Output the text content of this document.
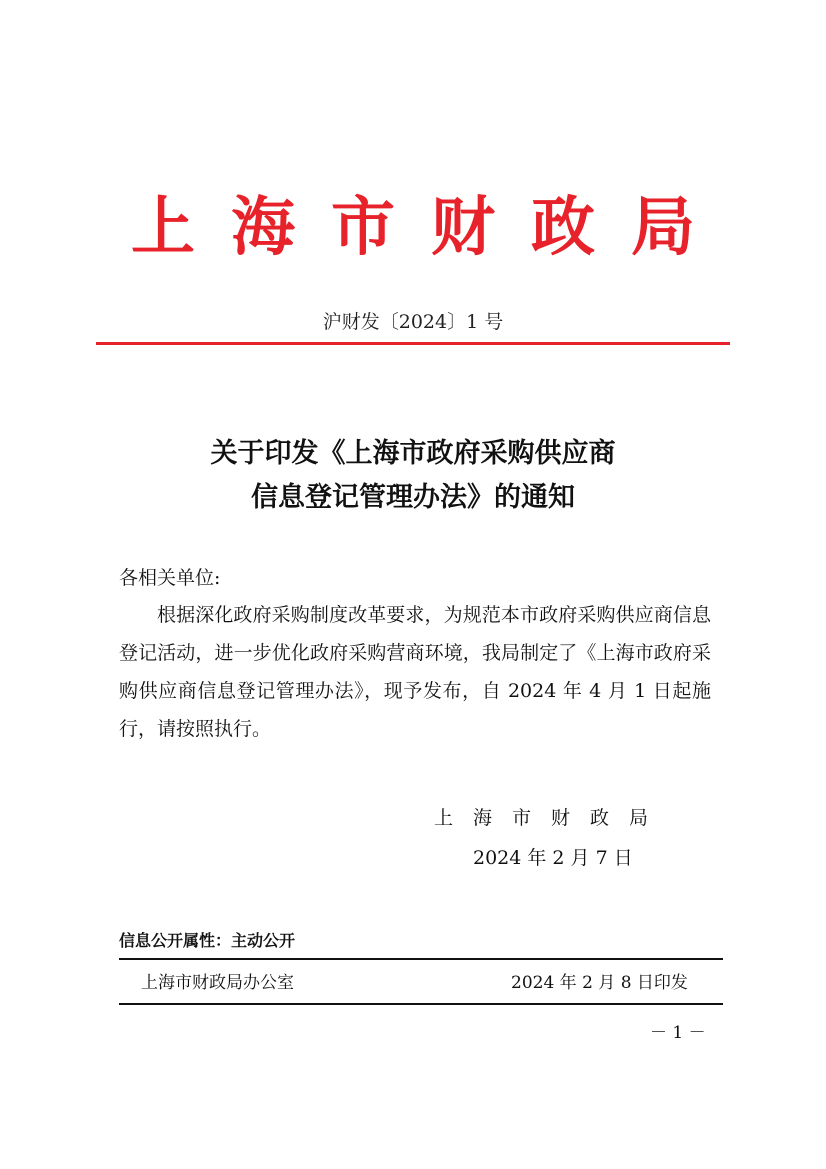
上海市财政局
沪财发〔2024〕1 号
关于印发《上海市政府采购供应商
信息登记管理办法》的通知
各相关单位:
根据深化政府采购制度改革要求，为规范本市政府采购供应商信息登记活动，进一步优化政府采购营商环境，我局制定了《上海市政府采购供应商信息登记管理办法》，现予发布，自 2024 年 4 月 1 日起施行，请按照执行。
上海市财政局
2024 年 2 月 7 日
信息公开属性：主动公开
上海市财政局办公室	2024 年 2 月 8 日印发
－ 1 －
